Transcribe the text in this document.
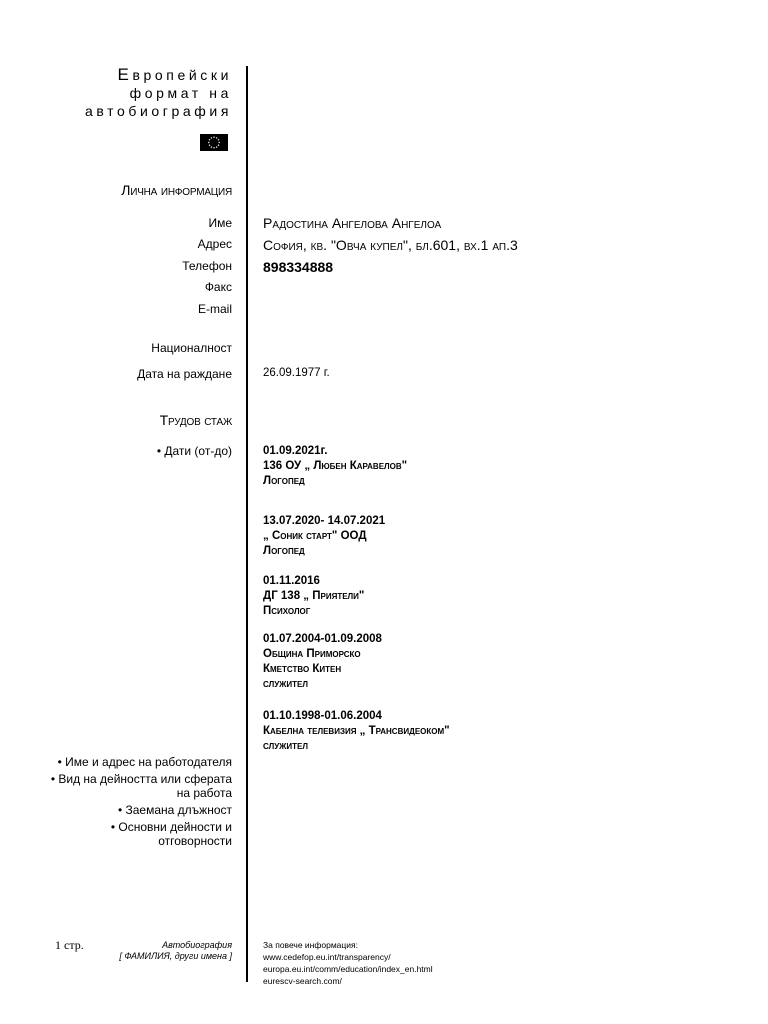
Европейски
формат на
автобиография
Лична информация
Име Радостина Ангелова Ангелоа
Адрес София, кв. "Овча купел", бл.601, вх.1 ап.3
Телефон 898334888
Факс
E-mail
Националност
Дата на раждане	26.09.1977 г.
Трудов стаж
• Дати (от-до)	01.09.2021г.
136 ОУ „ Любен Каравелов"
Логопед
13.07.2020- 14.07.2021
„ Соник старт" ООД
Логопед
01.11.2016
ДГ 138 „ Приятели"
Психолог
01.07.2004-01.09.2008
Община Приморско
Кметство Китен
служител
01.10.1998-01.06.2004
Кабелна телевизия „ Трансвидеоком"
служител
• Име и адрес на работодателя
• Вид на дейността или сферата на работа
• Заемана длъжност
• Основни дейности и отговорности
1 стр.	Автобиография
[ ФАМИЛИЯ, други имена ]
За повече информация:
www.cedefop.eu.int/transparency/
europa.eu.int/comm/education/index_en.html
eurescv-search.com/
